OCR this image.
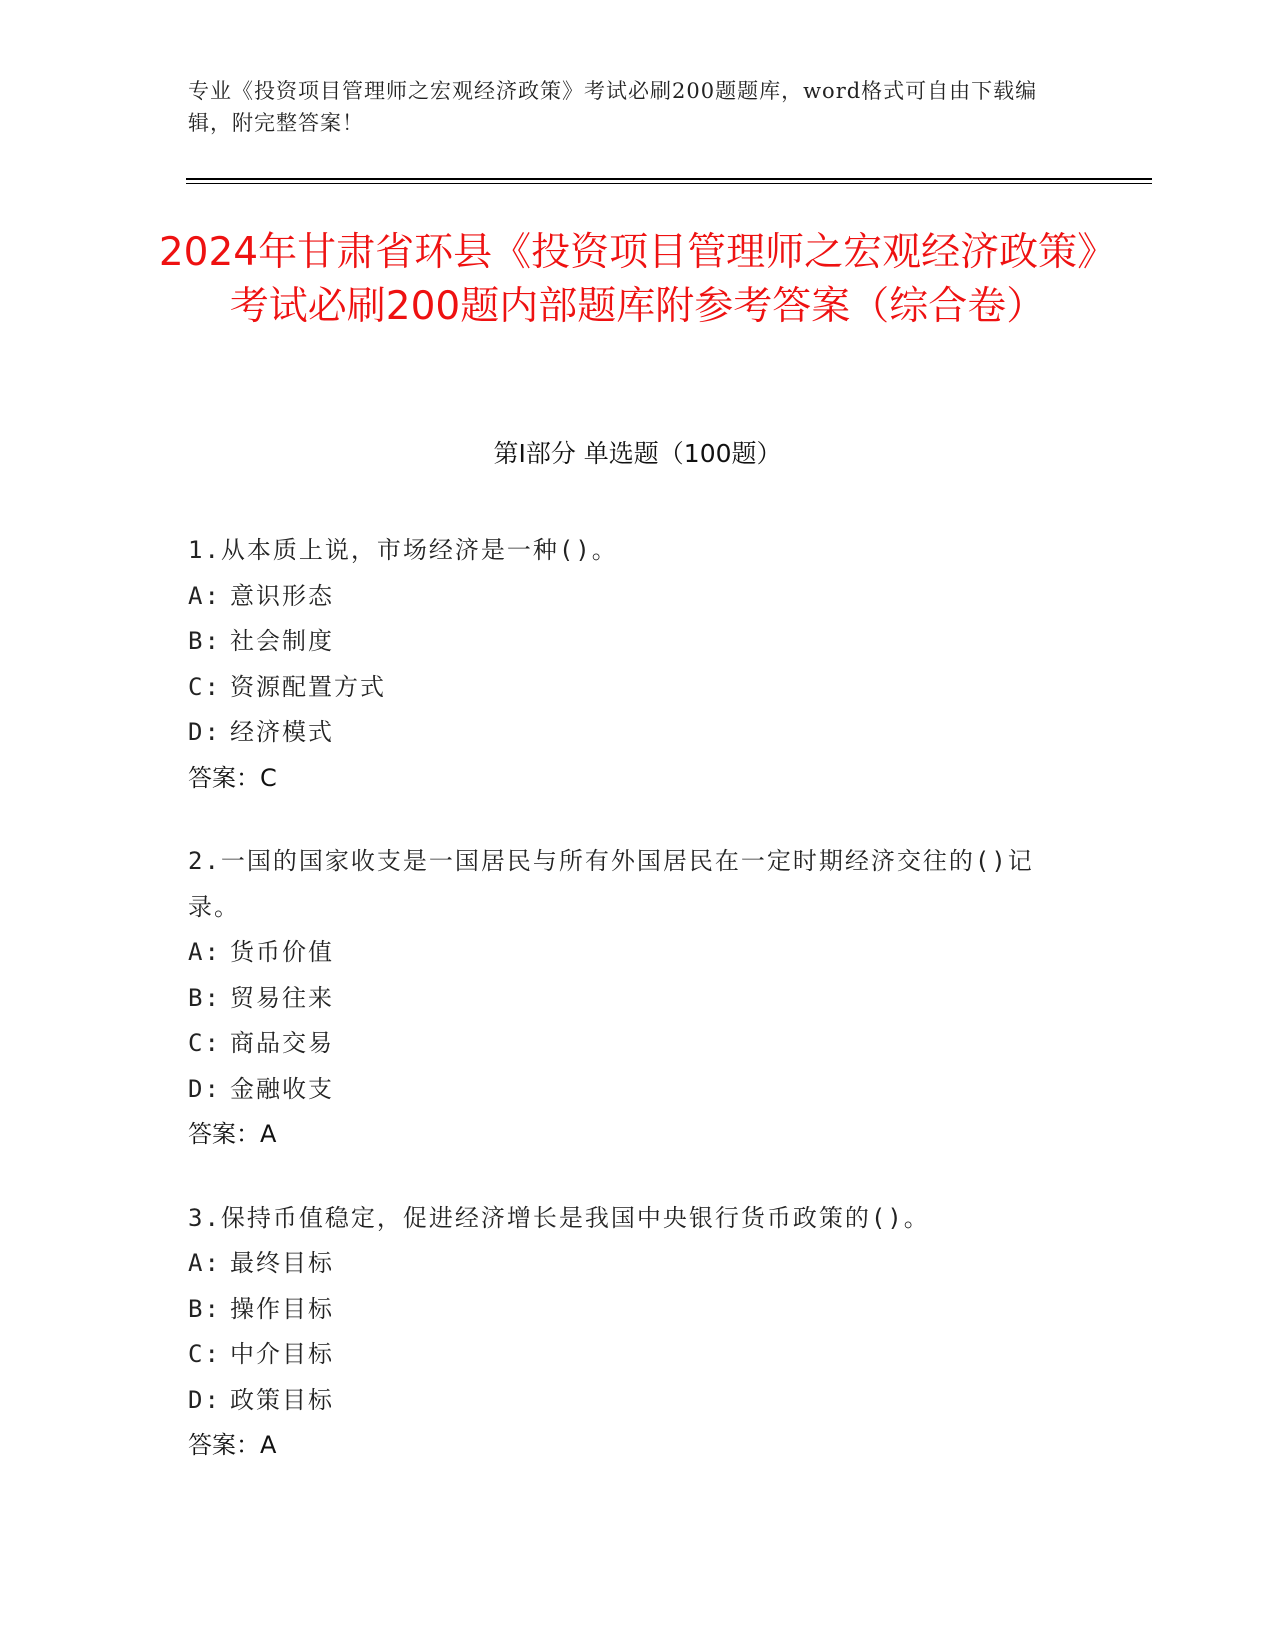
专业《投资项目管理师之宏观经济政策》考试必刷200题题库，word格式可自由下载编辑，附完整答案！
2024年甘肃省环县《投资项目管理师之宏观经济政策》考试必刷200题内部题库附参考答案（综合卷）
第Ⅰ部分 单选题（100题）
1.从本质上说，市场经济是一种()。
A: 意识形态
B: 社会制度
C: 资源配置方式
D: 经济模式
答案：C
2.一国的国家收支是一国居民与所有外国居民在一定时期经济交往的()记录。
A: 货币价值
B: 贸易往来
C: 商品交易
D: 金融收支
答案：A
3.保持币值稳定，促进经济增长是我国中央银行货币政策的()。
A: 最终目标
B: 操作目标
C: 中介目标
D: 政策目标
答案：A
